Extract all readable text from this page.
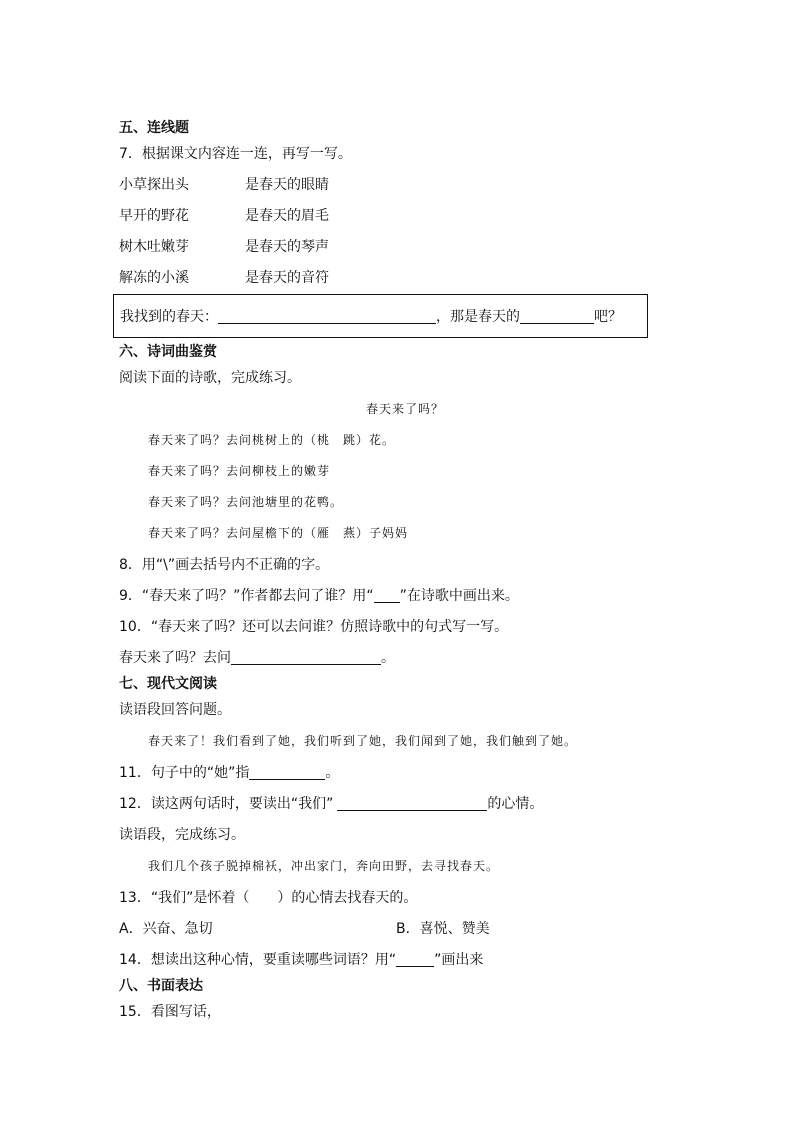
五、连线题
7．根据课文内容连一连，再写一写。
小草探出头	是春天的眼睛
早开的野花	是春天的眉毛
树木吐嫩芽	是春天的琴声
解冻的小溪	是春天的音符
我找到的春天：	，那是春天的	吧？
六、诗词曲鉴赏
阅读下面的诗歌，完成练习。
春天来了吗？
春天来了吗？去问桃树上的（桃　跳）花。
春天来了吗？去问柳枝上的嫩芽
春天来了吗？去问池塘里的花鸭。
春天来了吗？去问屋檐下的（雁　燕）子妈妈
8．用“\”画去括号内不正确的字。
9．“春天来了吗？”作者都去问了谁？用“ ”在诗歌中画出来。
10．“春天来了吗？还可以去问谁？仿照诗歌中的句式写一写。
春天来了吗？去问	。
七、现代文阅读
读语段回答问题。
春天来了！我们看到了她，我们听到了她，我们闻到了她，我们触到了她。
11．句子中的“她”指	。
12．读这两句话时，要读出“我们”	的心情。
读语段，完成练习。
我们几个孩子脱掉棉袄，冲出家门，奔向田野，去寻找春天。
13．“我们”是怀着（　　）的心情去找春天的。
A．兴奋、急切	B．喜悦、赞美
14．想读出这种心情，要重读哪些词语？用“	”画出来
八、书面表达
15．看图写话，
